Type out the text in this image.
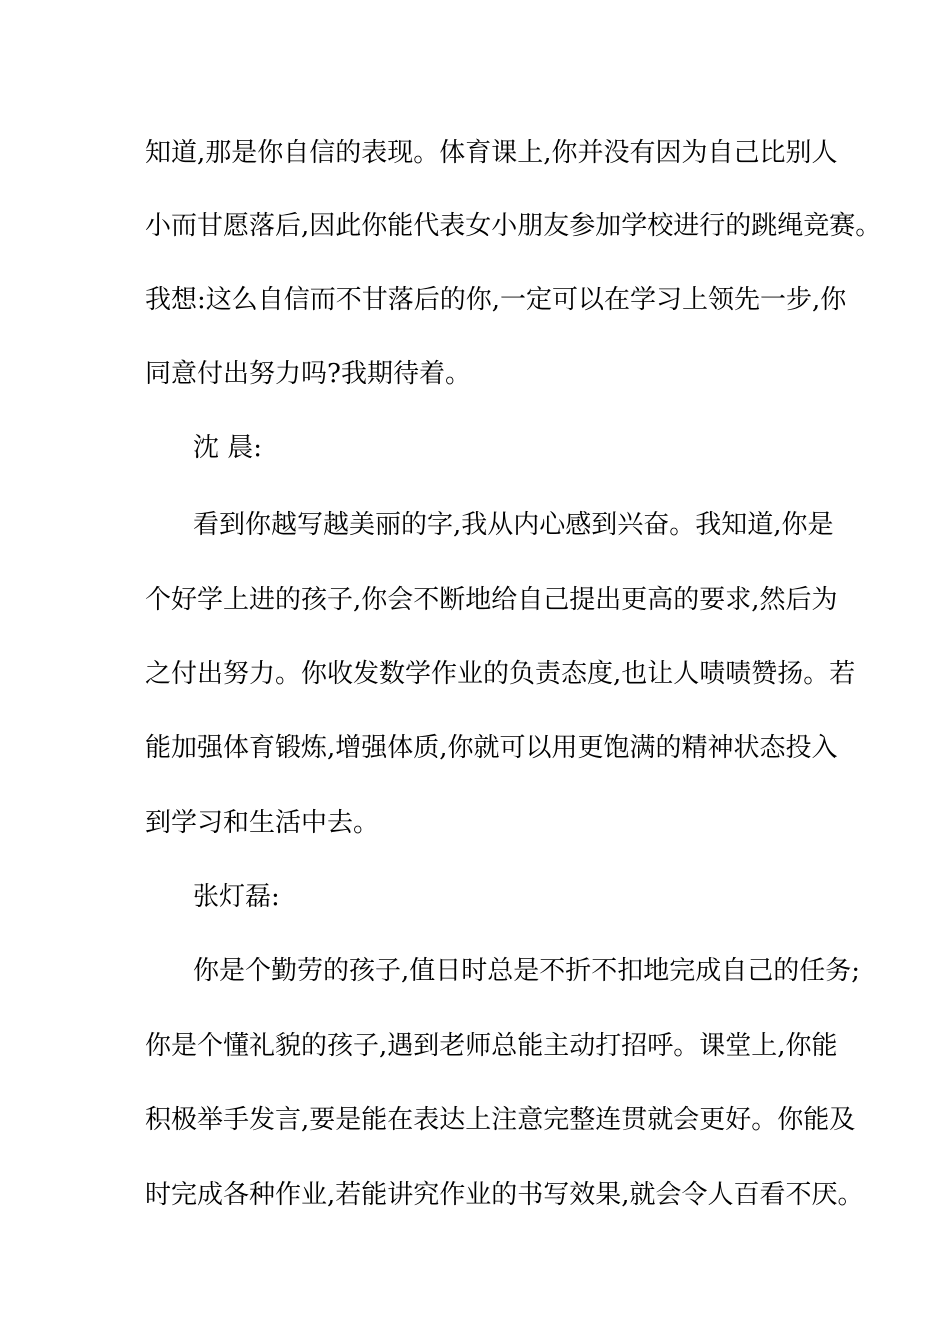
知道,那是你自信的表现。体育课上,你并没有因为自己比别人
小而甘愿落后,因此你能代表女小朋友参加学校进行的跳绳竞赛。
我想:这么自信而不甘落后的你,一定可以在学习上领先一步,你
同意付出努力吗?我期待着。
沈 晨:
看到你越写越美丽的字,我从内心感到兴奋。我知道,你是
个好学上进的孩子,你会不断地给自己提出更高的要求,然后为
之付出努力。你收发数学作业的负责态度,也让人啧啧赞扬。若
能加强体育锻炼,增强体质,你就可以用更饱满的精神状态投入
到学习和生活中去。
张灯磊:
你是个勤劳的孩子,值日时总是不折不扣地完成自己的任务;
你是个懂礼貌的孩子,遇到老师总能主动打招呼。课堂上,你能
积极举手发言,要是能在表达上注意完整连贯就会更好。你能及
时完成各种作业,若能讲究作业的书写效果,就会令人百看不厌。
